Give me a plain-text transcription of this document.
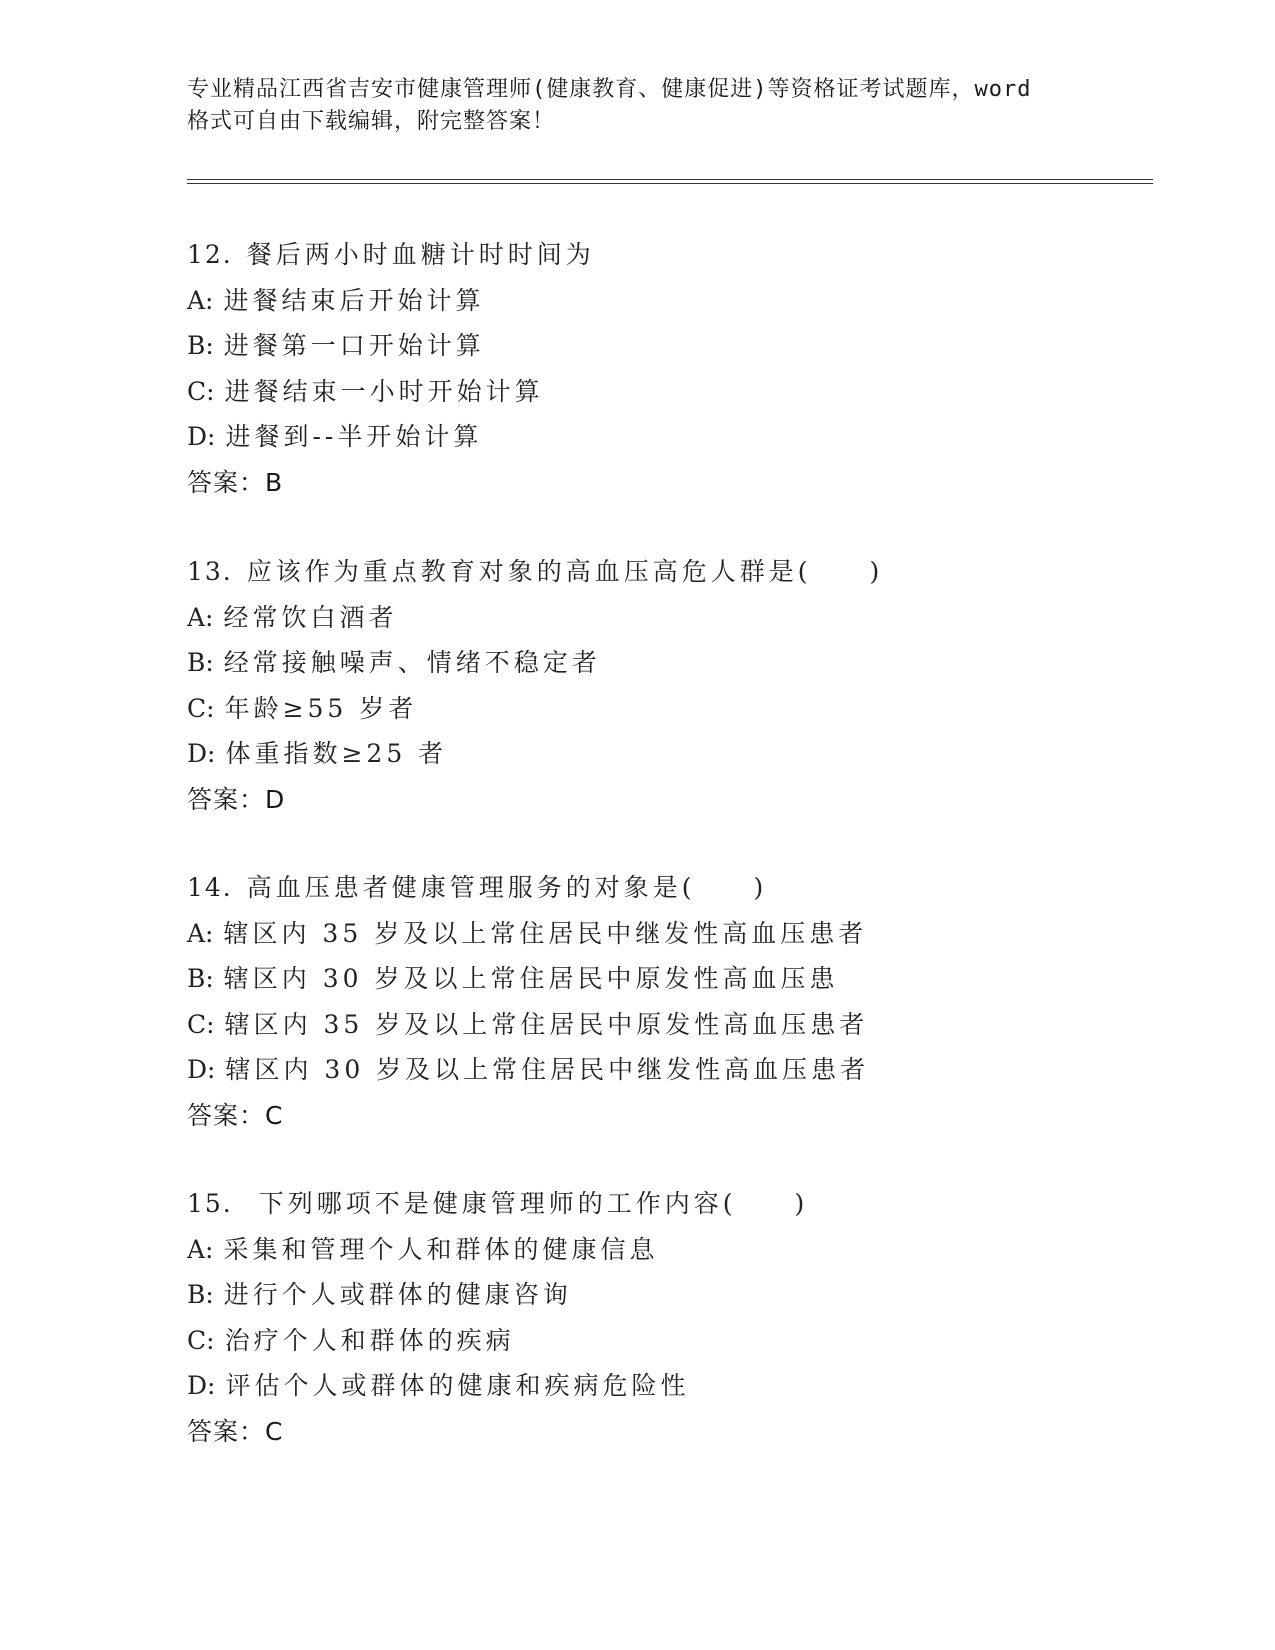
专业精品江西省吉安市健康管理师(健康教育、健康促进)等资格证考试题库，word
格式可自由下载编辑，附完整答案！
12. 餐后两小时血糖计时时间为
A: 进餐结束后开始计算
B: 进餐第一口开始计算
C: 进餐结束一小时开始计算
D: 进餐到--半开始计算
答案：B
13. 应该作为重点教育对象的高血压高危人群是(　　)
A: 经常饮白酒者
B: 经常接触噪声、情绪不稳定者
C: 年龄≥55 岁者
D: 体重指数≥25 者
答案：D
14. 高血压患者健康管理服务的对象是(　　)
A: 辖区内 35 岁及以上常住居民中继发性高血压患者
B: 辖区内 30 岁及以上常住居民中原发性高血压患
C: 辖区内 35 岁及以上常住居民中原发性高血压患者
D: 辖区内 30 岁及以上常住居民中继发性高血压患者
答案：C
15. 下列哪项不是健康管理师的工作内容(　　)
A: 采集和管理个人和群体的健康信息
B: 进行个人或群体的健康咨询
C: 治疗个人和群体的疾病
D: 评估个人或群体的健康和疾病危险性
答案：C
